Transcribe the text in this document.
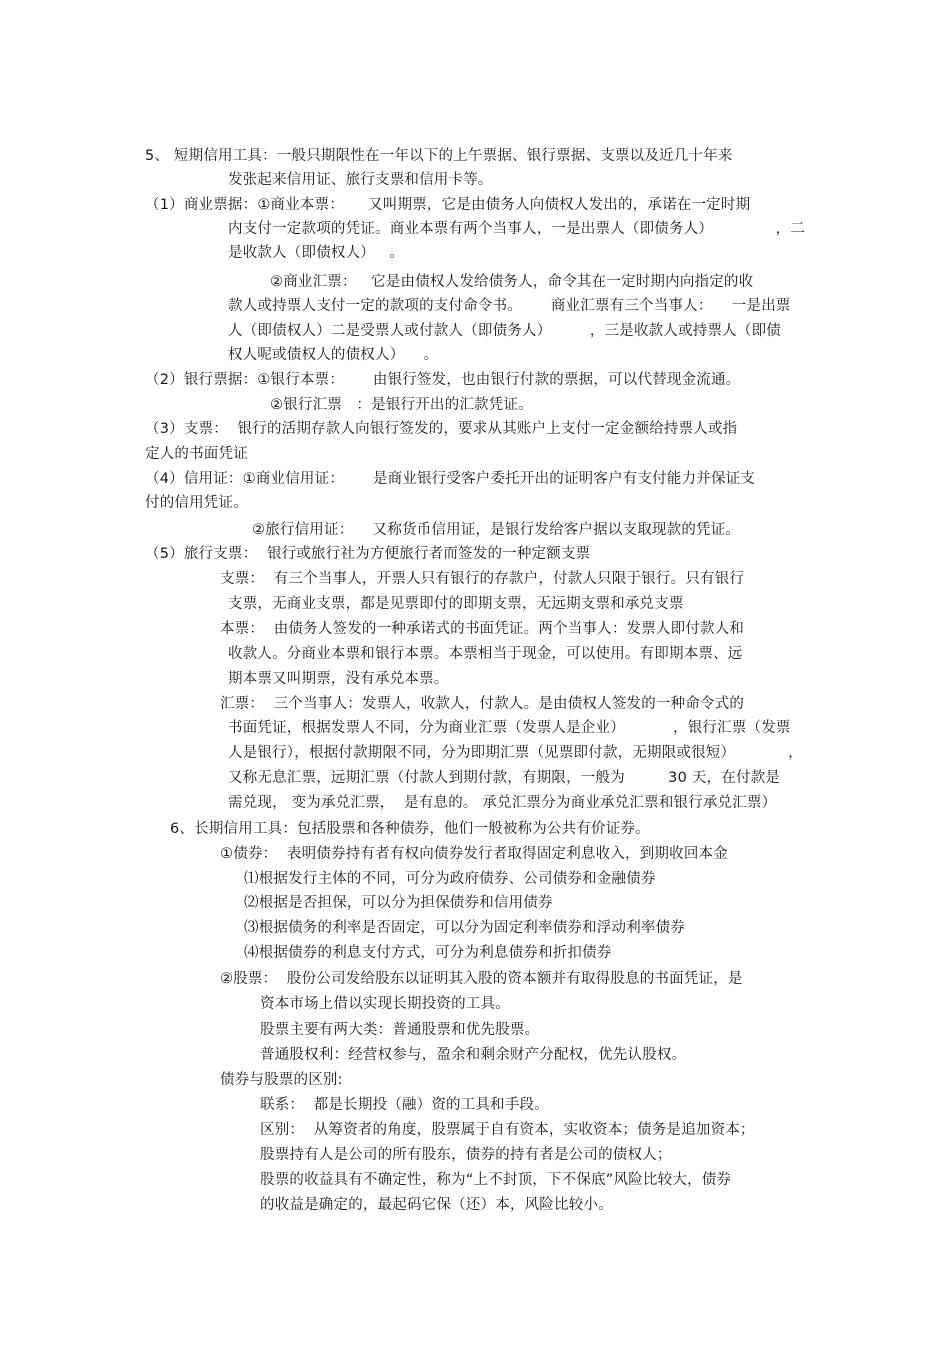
5、 短期信用工具：一般只期限性在一年以下的上午票据、银行票据、支票以及近几十年来
发张起来信用证、旅行支票和信用卡等。
（1）商业票据：①商业本票：     又叫期票，它是由债务人向债权人发出的，承诺在一定时期
内支付一定款项的凭证。商业本票有两个当事人，一是出票人（即债务人）             ，二
是收款人（即债权人）   。
②商业汇票：   它是由债权人发给债务人，命令其在一定时期内向指定的收
款人或持票人支付一定的款项的支付命令书。      商业汇票有三个当事人：    一是出票
人（即债权人）二是受票人或付款人（即债务人）        ，三是收款人或持票人（即债
权人呢或债权人的债权人）    。
（2）银行票据：①银行本票：      由银行签发，也由银行付款的票据，可以代替现金流通。
②银行汇票   ：是银行开出的汇款凭证。
（3）支票：  银行的活期存款人向银行签发的，要求从其账户上支付一定金额给持票人或指
定人的书面凭证
（4）信用证：①商业信用证：      是商业银行受客户委托开出的证明客户有支付能力并保证支
付的信用凭证。
②旅行信用证：    又称货币信用证，是银行发给客户据以支取现款的凭证。
（5）旅行支票：  银行或旅行社为方便旅行者而签发的一种定额支票
支票：  有三个当事人，开票人只有银行的存款户，付款人只限于银行。只有银行
支票，无商业支票，都是见票即付的即期支票，无远期支票和承兑支票
本票：  由债务人签发的一种承诺式的书面凭证。两个当事人：发票人即付款人和
收款人。分商业本票和银行本票。本票相当于现金，可以使用。有即期本票、远
期本票又叫期票，没有承兑本票。
汇票：  三个当事人：发票人，收款人，付款人。是由债权人签发的一种命令式的
书面凭证，根据发票人不同，分为商业汇票（发票人是企业）          ，银行汇票（发票
人是银行），根据付款期限不同，分为即期汇票（见票即付款，无期限或很短）           ，
又称无息汇票，远期汇票（付款人到期付款，有期限，一般为         30 天，在付款是
需兑现， 变为承兑汇票，  是有息的。 承兑汇票分为商业承兑汇票和银行承兑汇票）
6、长期信用工具：包括股票和各种债券，他们一般被称为公共有价证券。
①债券：  表明债券持有者有权向债券发行者取得固定利息收入，到期收回本金
⑴根据发行主体的不同，可分为政府债券、公司债券和金融债券
⑵根据是否担保，可以分为担保债券和信用债券
⑶根据债务的利率是否固定，可以分为固定利率债券和浮动利率债券
⑷根据债券的利息支付方式，可分为利息债券和折扣债券
②股票：  股份公司发给股东以证明其入股的资本额并有取得股息的书面凭证，是
资本市场上借以实现长期投资的工具。
股票主要有两大类：普通股票和优先股票。
普通股权利：经营权参与，盈余和剩余财产分配权，优先认股权。
债券与股票的区别:
联系：  都是长期投（融）资的工具和手段。
区别：  从筹资者的角度，股票属于自有资本，实收资本；债务是追加资本；
股票持有人是公司的所有股东，债券的持有者是公司的债权人；
股票的收益具有不确定性，称为“上不封顶，下不保底”风险比较大，债券
的收益是确定的，最起码它保（还）本，风险比较小。
